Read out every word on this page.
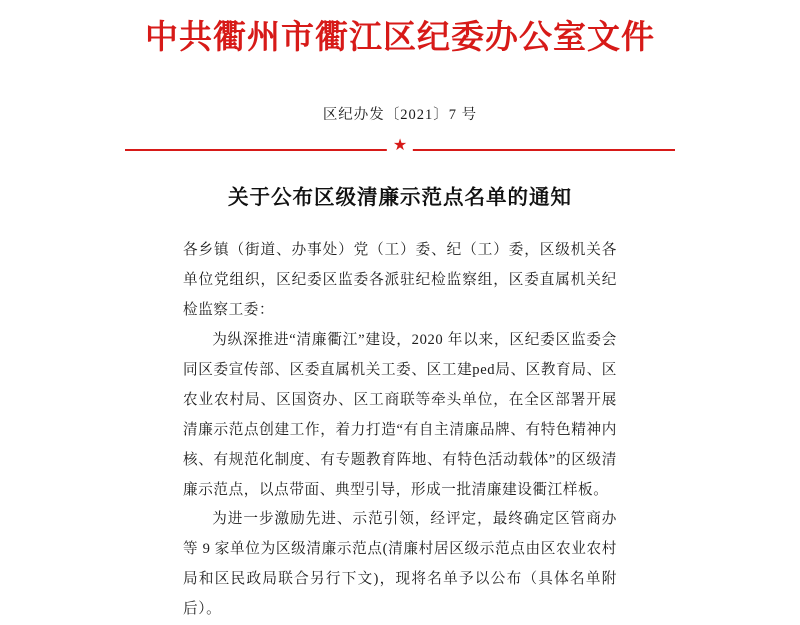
中共衢州市衢江区纪委办公室文件
区纪办发〔2021〕7 号
★
关于公布区级清廉示范点名单的通知

各乡镇（街道、办事处）党（工）委、纪（工）委，区级机关各单位党组织，区纪委区监委各派驻纪检监察组，区委直属机关纪检监察工委：

为纵深推进“清廉衢江”建设，2020 年以来，区纪委区监委会同区委宣传部、区委直属机关工委、区工建ped局、区教育局、区农业农村局、区国资办、区工商联等牵头单位，在全区部署开展清廉示范点创建工作，着力打造“有自主清廉品牌、有特色精神内核、有规范化制度、有专题教育阵地、有特色活动载体”的区级清廉示范点，以点带面、典型引导，形成一批清廉建设衢江样板。

为进一步激励先进、示范引领，经评定，最终确定区管商办等 9 家单位为区级清廉示范点(清廉村居区级示范点由区农业农村局和区民政局联合另行下文)，现将名单予以公布（具体名单附后）。
